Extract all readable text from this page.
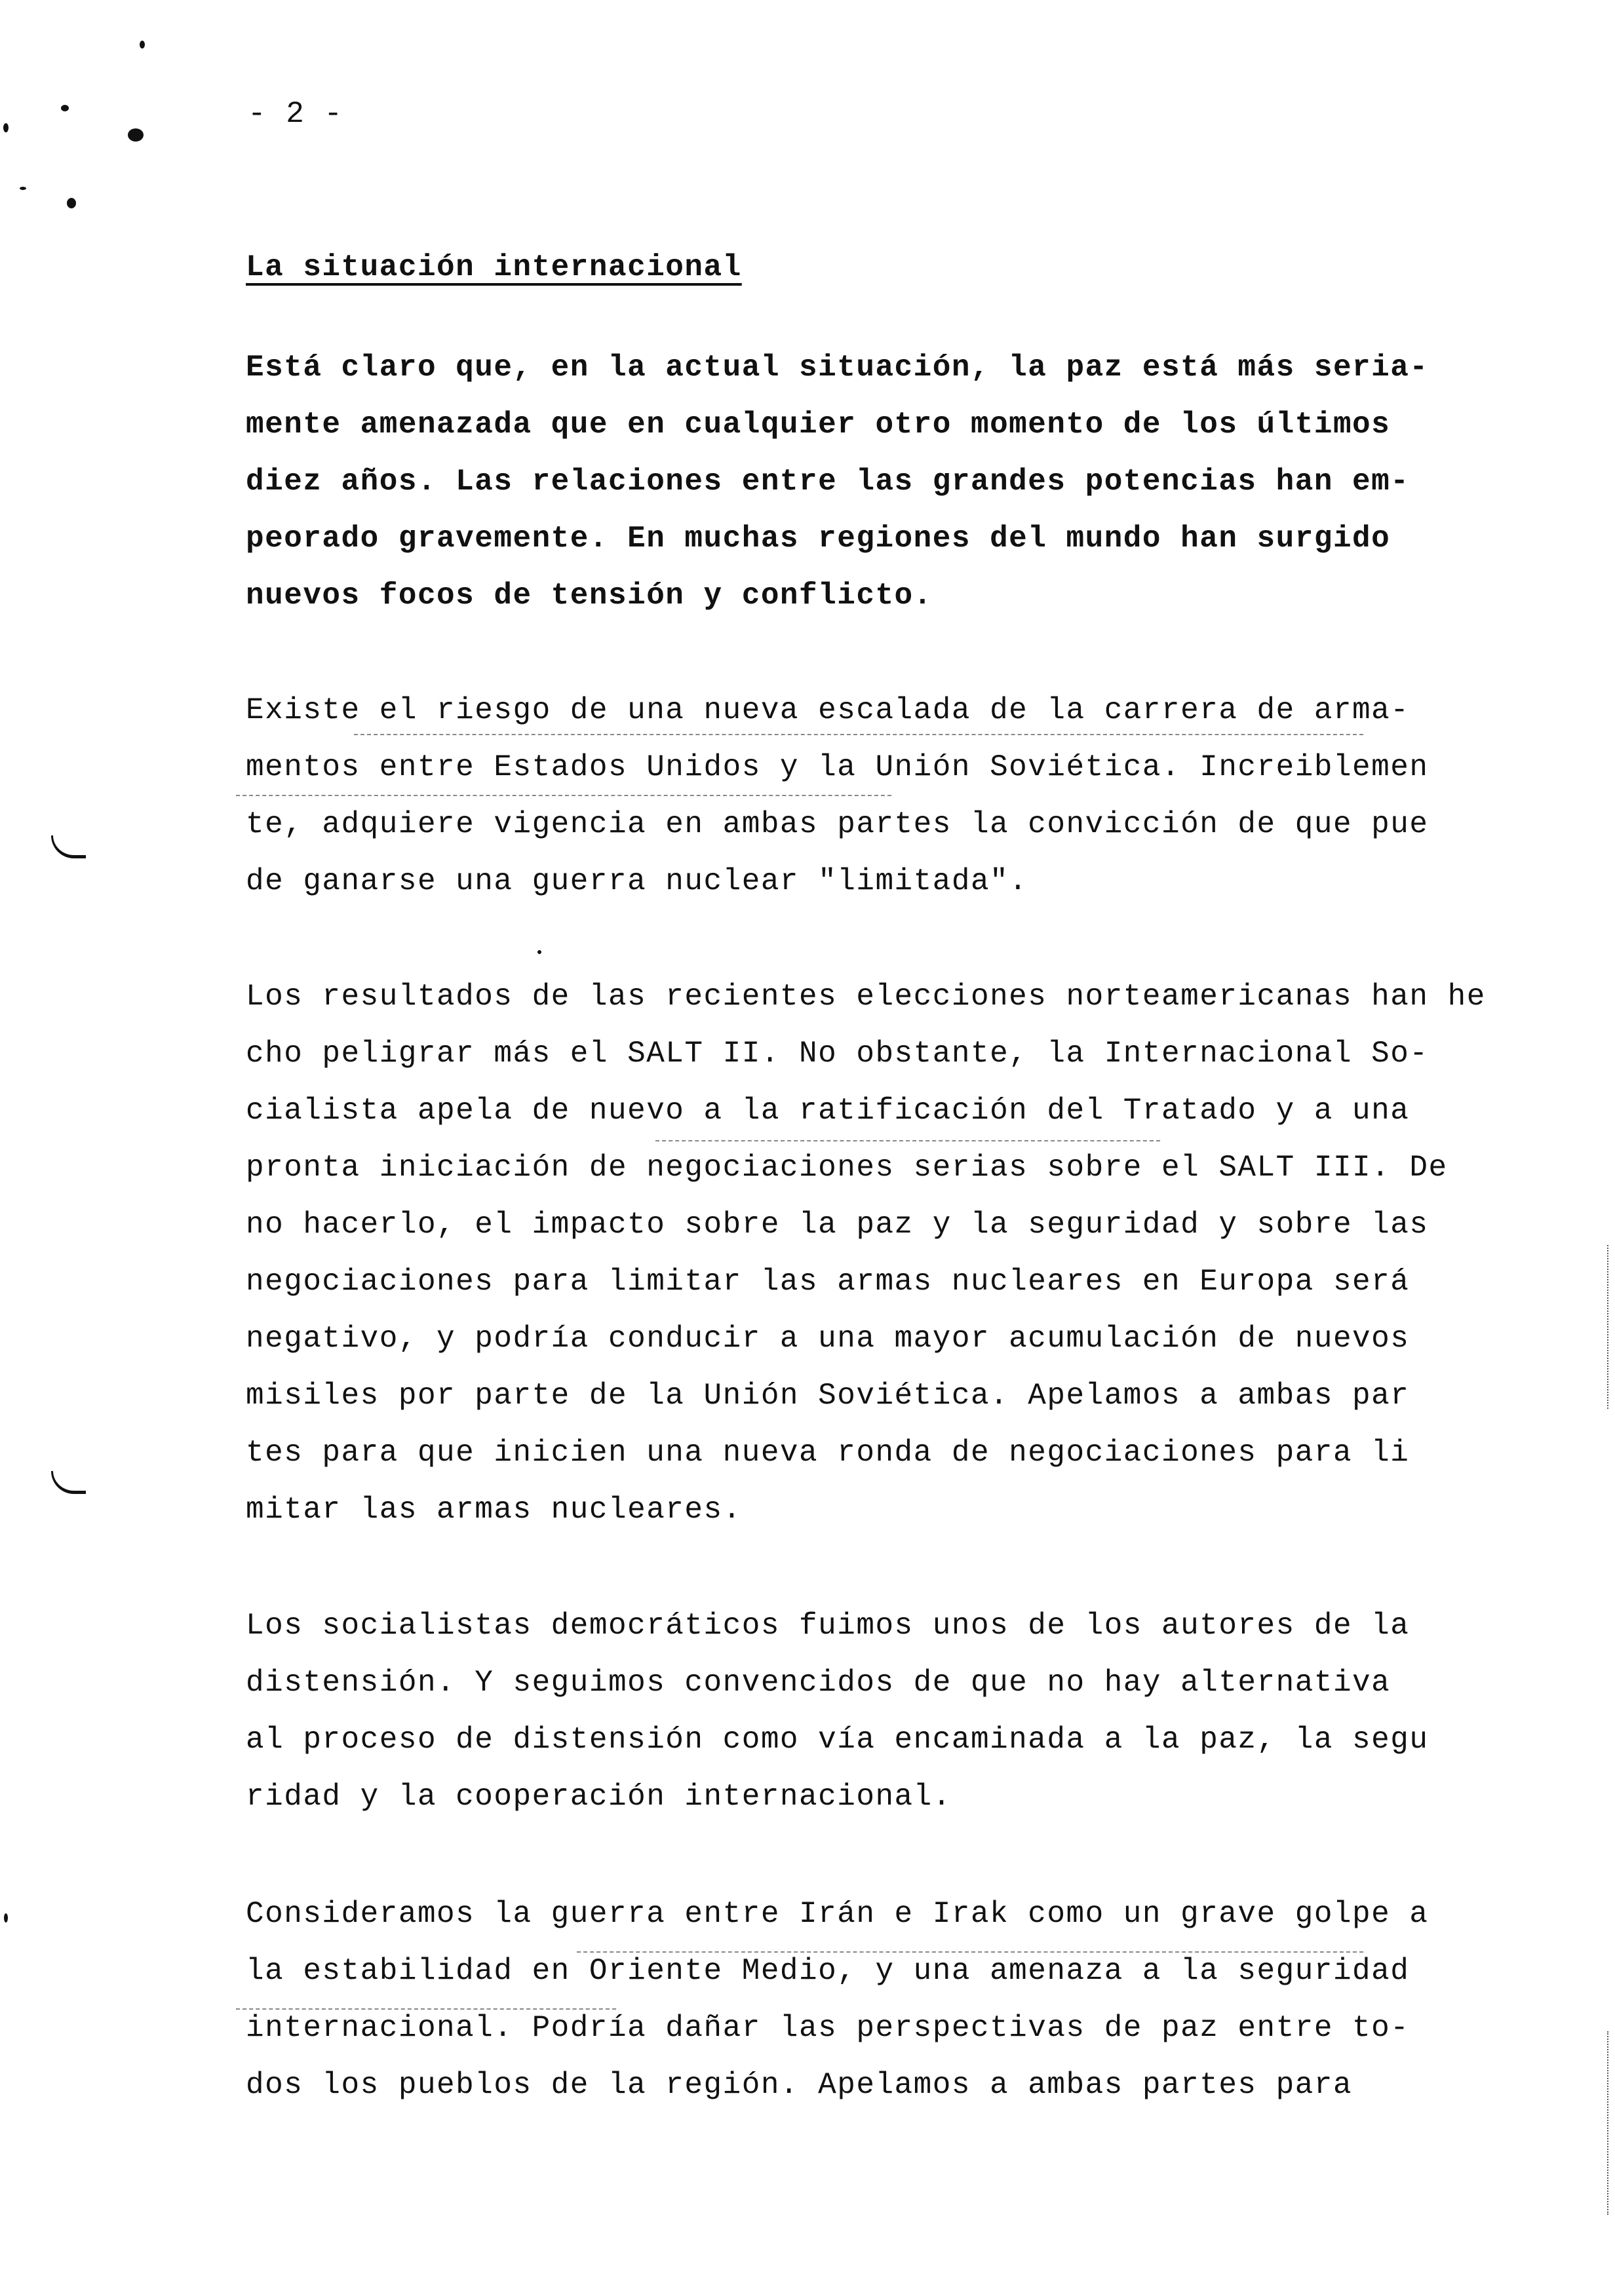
- 2 -
La situación internacional
Está claro que, en la actual situación, la paz está más seria-
mente amenazada que en cualquier otro momento de los últimos
diez años. Las relaciones entre las grandes potencias han em-
peorado gravemente. En muchas regiones del mundo han surgido
nuevos focos de tensión y conflicto.
Existe el riesgo de una nueva escalada de la carrera de arma-
mentos entre Estados Unidos y la Unión Soviética. Increiblemen
te, adquiere vigencia en ambas partes la convicción de que pue
de ganarse una guerra nuclear "limitada".
Los resultados de las recientes elecciones norteamericanas han he
cho peligrar más el SALT II. No obstante, la Internacional So-
cialista apela de nuevo a la ratificación del Tratado y a una
pronta iniciación de negociaciones serias sobre el SALT III. De
no hacerlo, el impacto sobre la paz y la seguridad y sobre las
negociaciones para limitar las armas nucleares en Europa será
negativo, y podría conducir a una mayor acumulación de nuevos
misiles por parte de la Unión Soviética. Apelamos a ambas par
tes para que inicien una nueva ronda de negociaciones para li
mitar las armas nucleares.
Los socialistas democráticos fuimos unos de los autores de la
distensión. Y seguimos convencidos de que no hay alternativa
al proceso de distensión como vía encaminada a la paz, la segu
ridad y la cooperación internacional.
Consideramos la guerra entre Irán e Irak como un grave golpe a
la estabilidad en Oriente Medio, y una amenaza a la seguridad
internacional. Podría dañar las perspectivas de paz entre to-
dos los pueblos de la región. Apelamos a ambas partes para
